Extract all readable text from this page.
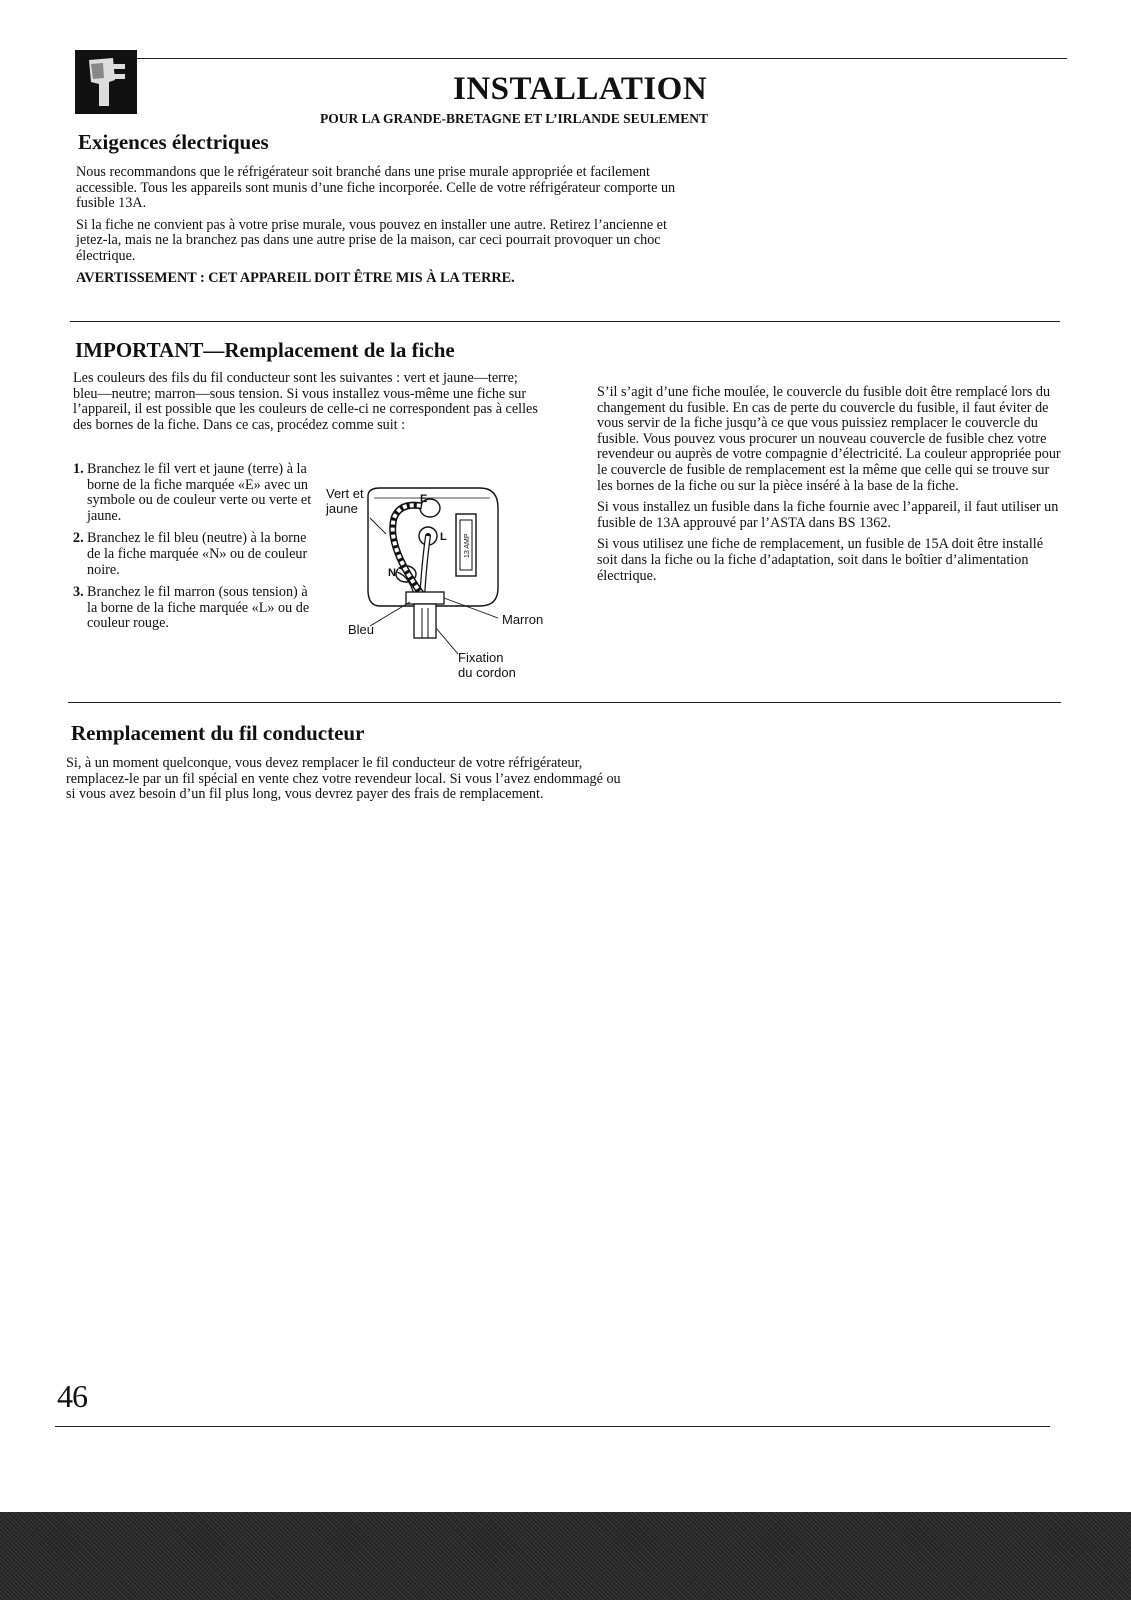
INSTALLATION
POUR LA GRANDE-BRETAGNE ET L’IRLANDE SEULEMENT
Exigences électriques

Nous recommandons que le réfrigérateur soit branché dans une prise murale appropriée et facilement accessible. Tous les appareils sont munis d’une fiche incorporée. Celle de votre réfrigérateur comporte un fusible 13A.

Si la fiche ne convient pas à votre prise murale, vous pouvez en installer une autre. Retirez l’ancienne et jetez-la, mais ne la branchez pas dans une autre prise de la maison, car ceci pourrait provoquer un choc électrique.

AVERTISSEMENT : CET APPAREIL DOIT ÊTRE MIS À LA TERRE.

IMPORTANT—Remplacement de la fiche

Les couleurs des fils du fil conducteur sont les suivantes : vert et jaune—terre; bleu—neutre; marron—sous tension. Si vous installez vous-même une fiche sur l’appareil, il est possible que les couleurs de celle-ci ne correspondent pas à celles des bornes de la fiche. Dans ce cas, procédez comme suit :

1. Branchez le fil vert et jaune (terre) à la borne de la fiche marquée «E» avec un symbole ou de couleur verte ou verte et jaune.
2. Branchez le fil bleu (neutre) à la borne de la fiche marquée «N» ou de couleur noire.
3. Branchez le fil marron (sous tension) à la borne de la fiche marquée «L» ou de couleur rouge.
Vert et
jaune
E
L
N
13 AMP
Bleu
Marron
Fixation
du cordon

S’il s’agit d’une fiche moulée, le couvercle du fusible doit être remplacé lors du changement du fusible. En cas de perte du couvercle du fusible, il faut éviter de vous servir de la fiche jusqu’à ce que vous puissiez remplacer le couvercle du fusible. Vous pouvez vous procurer un nouveau couvercle de fusible chez votre revendeur ou auprès de votre compagnie d’électricité. La couleur appropriée pour le couvercle de fusible de remplacement est la même que celle qui se trouve sur les bornes de la fiche ou sur la pièce inséré à la base de la fiche.

Si vous installez un fusible dans la fiche fournie avec l’appareil, il faut utiliser un fusible de 13A approuvé par l’ASTA dans BS 1362.

Si vous utilisez une fiche de remplacement, un fusible de 15A doit être installé soit dans la fiche ou la fiche d’adaptation, soit dans le boîtier d’alimentation électrique.

Remplacement du fil conducteur

Si, à un moment quelconque, vous devez remplacer le fil conducteur de votre réfrigérateur, remplacez-le par un fil spécial en vente chez votre revendeur local. Si vous l’avez endommagé ou si vous avez besoin d’un fil plus long, vous devrez payer des frais de remplacement.

46
